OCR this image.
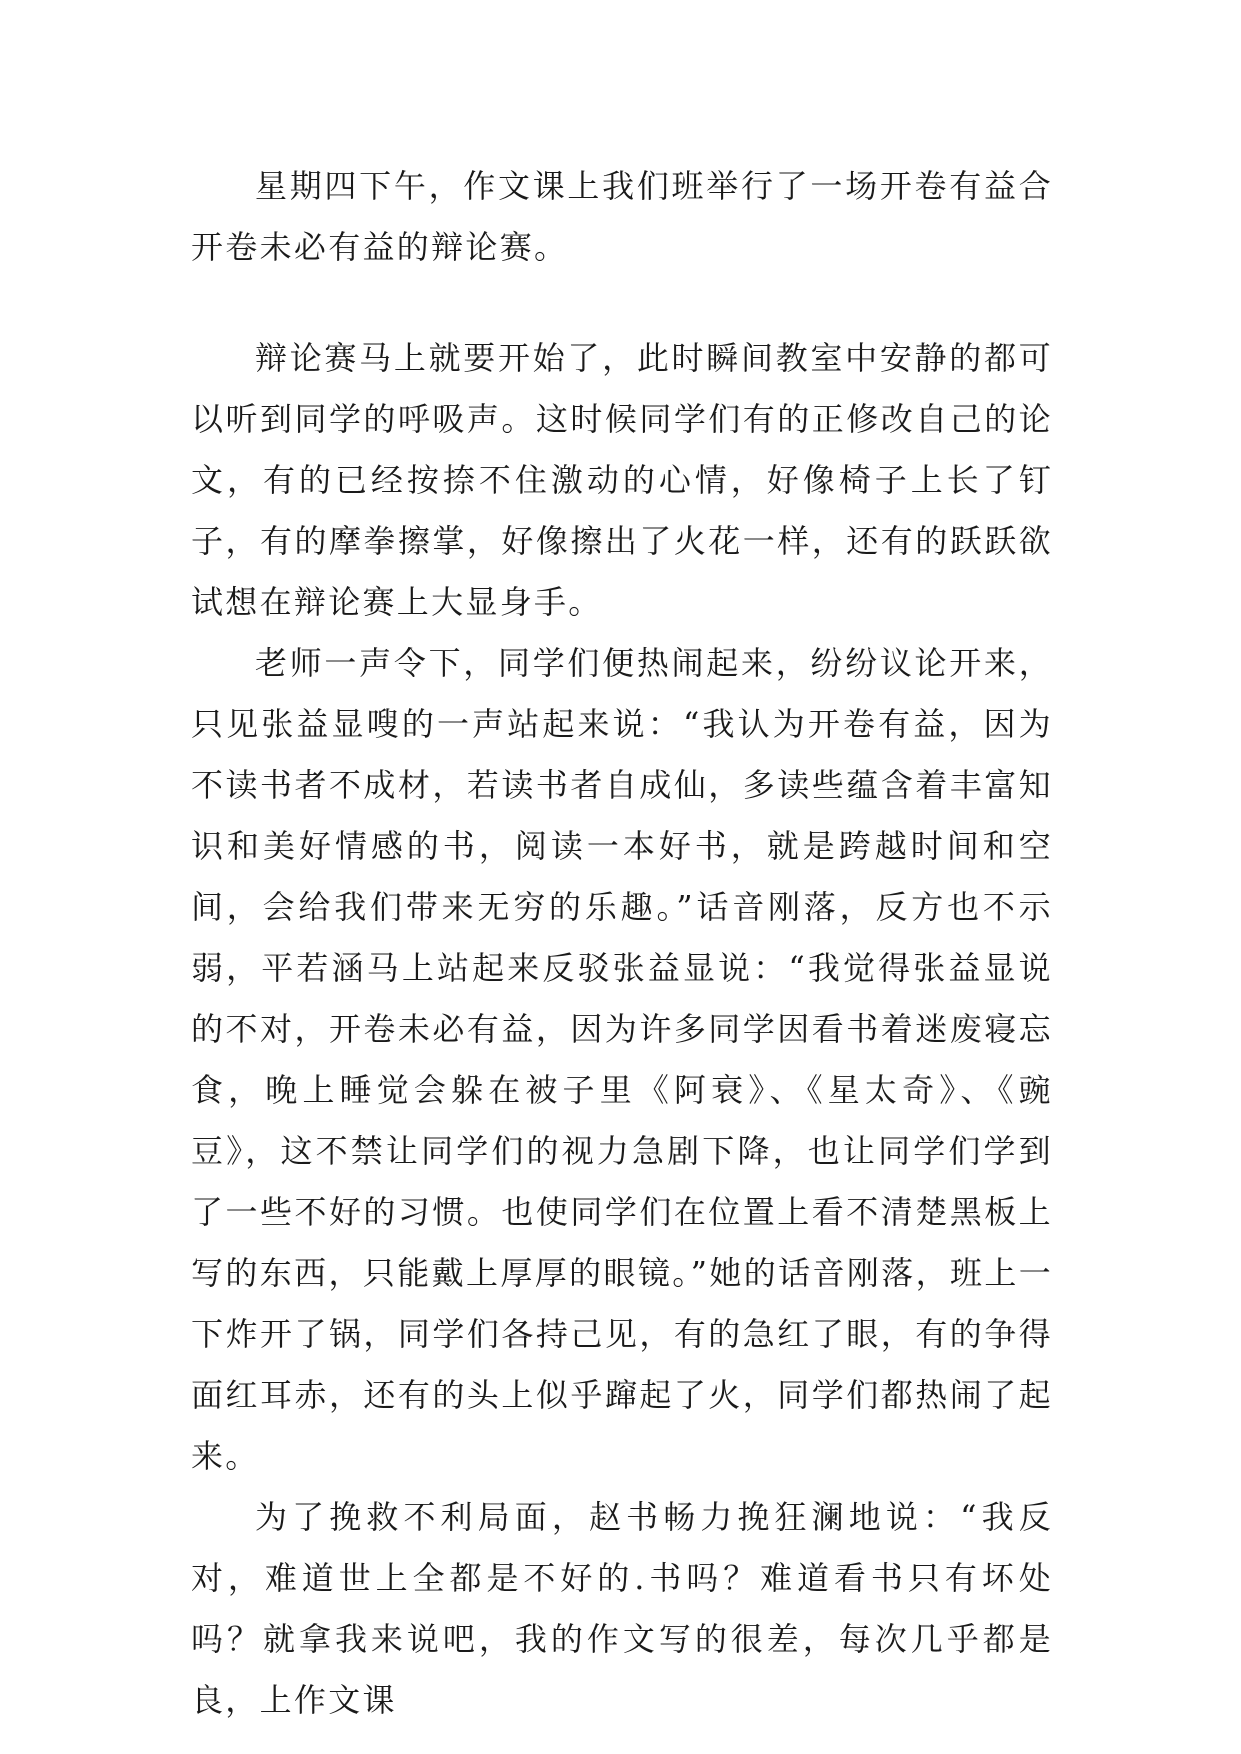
星期四下午，作文课上我们班举行了一场开卷有益合开卷未必有益的辩论赛。

辩论赛马上就要开始了，此时瞬间教室中安静的都可以听到同学的呼吸声。这时候同学们有的正修改自己的论文，有的已经按捺不住激动的心情，好像椅子上长了钉子，有的摩拳擦掌，好像擦出了火花一样，还有的跃跃欲试想在辩论赛上大显身手。

老师一声令下，同学们便热闹起来，纷纷议论开来，只见张益显嗖的一声站起来说：“我认为开卷有益，因为不读书者不成材，若读书者自成仙，多读些蕴含着丰富知识和美好情感的书，阅读一本好书，就是跨越时间和空间，会给我们带来无穷的乐趣。”话音刚落，反方也不示弱，平若涵马上站起来反驳张益显说：“我觉得张益显说的不对，开卷未必有益，因为许多同学因看书着迷废寝忘食，晚上睡觉会躲在被子里《阿衰》、《星太奇》、《豌豆》，这不禁让同学们的视力急剧下降，也让同学们学到了一些不好的习惯。也使同学们在位置上看不清楚黑板上写的东西，只能戴上厚厚的眼镜。”她的话音刚落，班上一下炸开了锅，同学们各持己见，有的急红了眼，有的争得面红耳赤，还有的头上似乎蹿起了火，同学们都热闹了起来。

为了挽救不利局面，赵书畅力挽狂澜地说：“我反对，难道世上全都是不好的.书吗？难道看书只有坏处吗？就拿我来说吧，我的作文写的很差，每次几乎都是良，上作文课
